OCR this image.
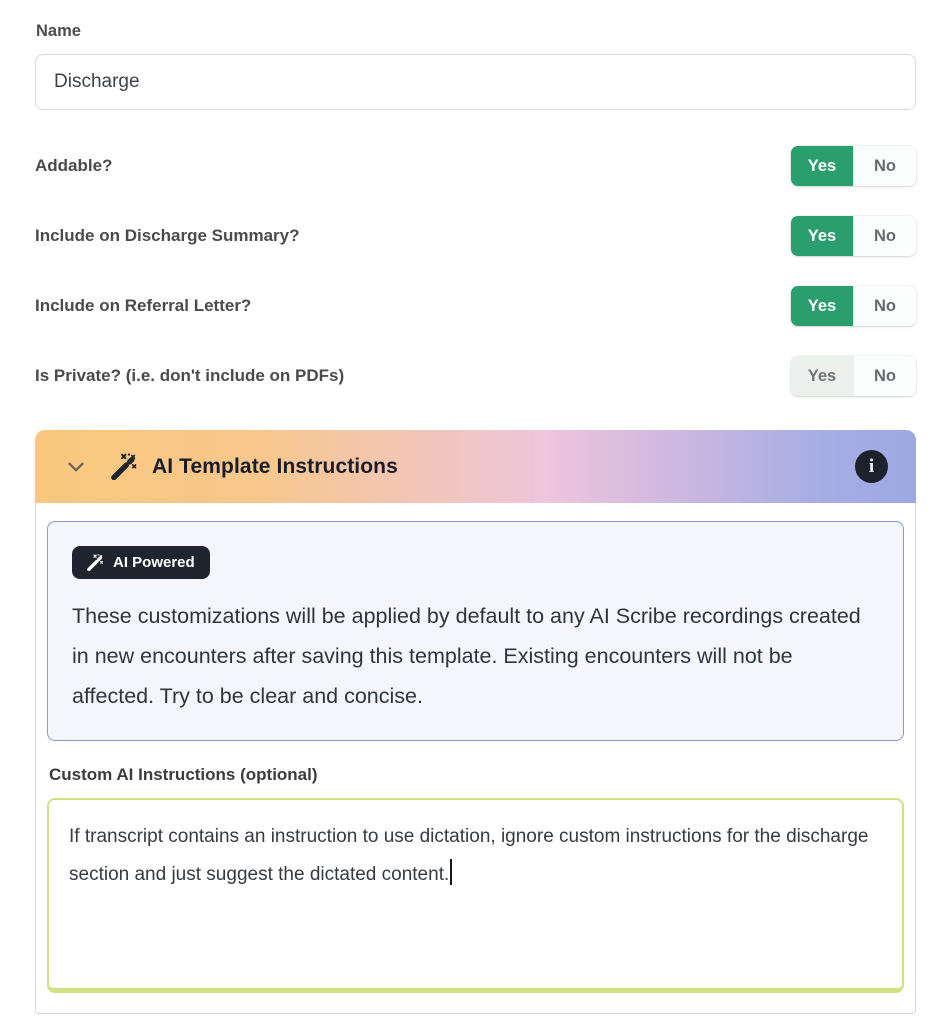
Name
Discharge
Addable?	Yes	No
Include on Discharge Summary?	Yes	No
Include on Referral Letter?	Yes	No
Is Private? (i.e. don't include on PDFs)	Yes	No
AI Template Instructions	i
AI Powered
These customizations will be applied by default to any AI Scribe recordings created in new encounters after saving this template. Existing encounters will not be affected. Try to be clear and concise.
Custom AI Instructions (optional)
If transcript contains an instruction to use dictation, ignore custom instructions for the discharge section and just suggest the dictated content.
